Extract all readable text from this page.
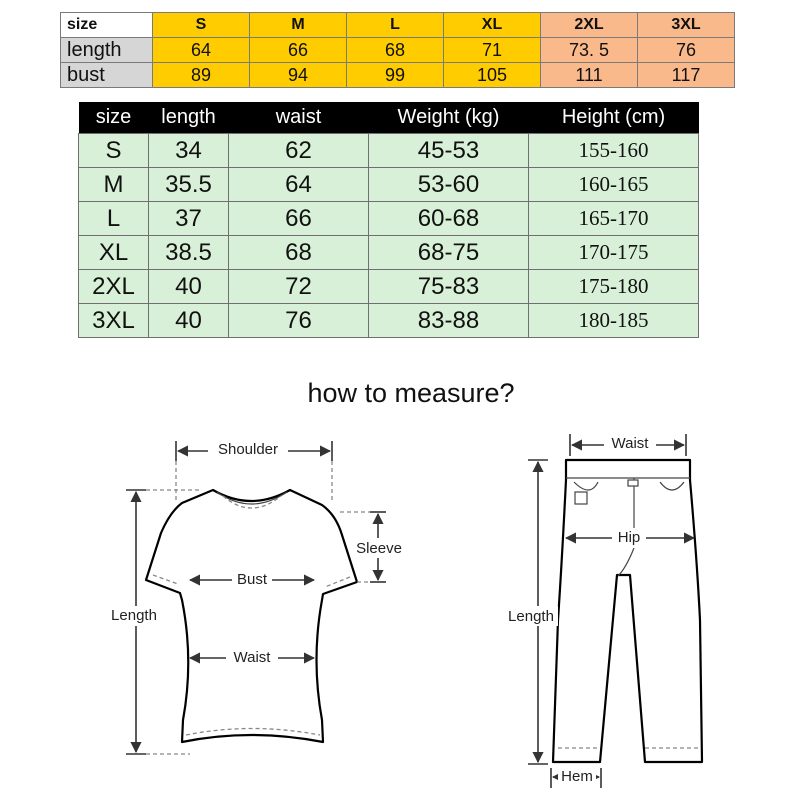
size	S	M	L	XL	2XL	3XL
length	64	66	68	71	73. 5	76
bust	89	94	99	105	111	117
size	length	waist	Weight (kg)	Height (cm)
S	34	62	45-53	155-160
M	35.5	64	53-60	160-165
L	37	66	60-68	165-170
XL	38.5	68	68-75	170-175
2XL	40	72	75-83	175-180
3XL	40	76	83-88	180-185
how to measure?
Shoulder
Sleeve
Bust
Waist
Length
Waist
Hip
Length
Hem
